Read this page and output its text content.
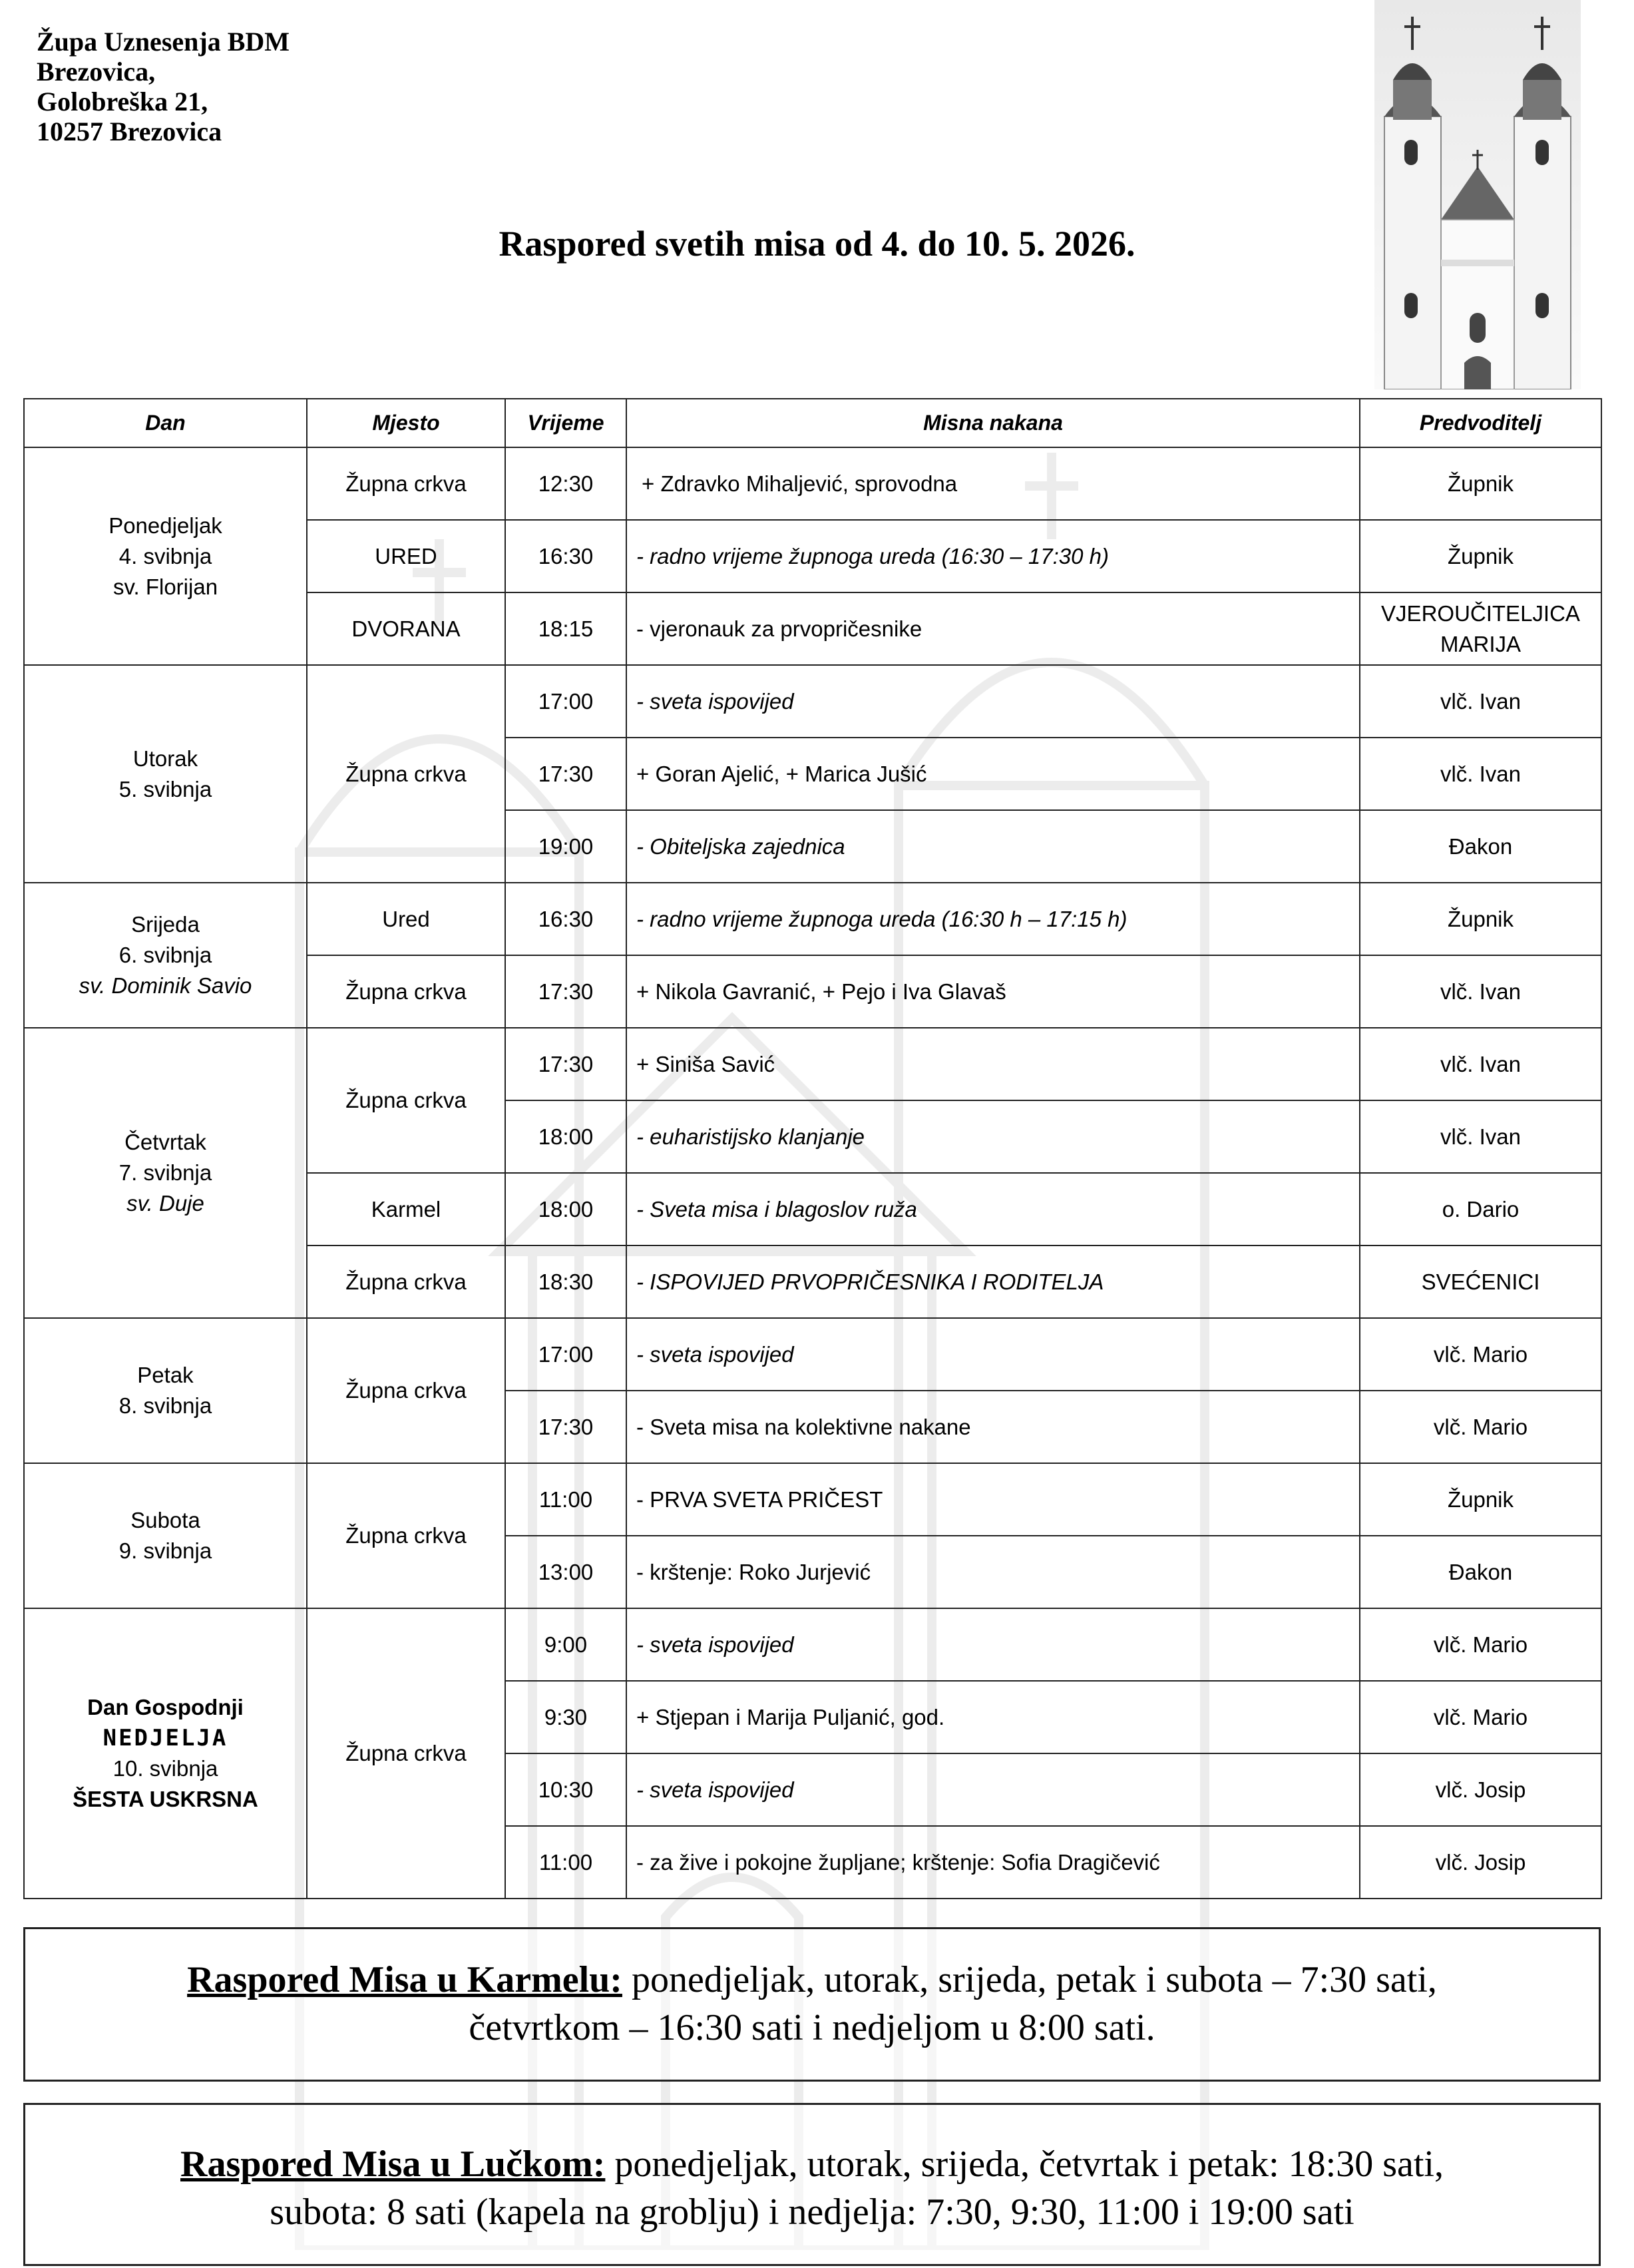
Župa Uznesenja BDM
Brezovica,
Golobreška 21,
10257 Brezovica
Raspored svetih misa od 4. do 10. 5. 2026.
Dan	Mjesto	Vrijeme	Misna nakana	Predvoditelj

Ponedjeljak
4. svibnja
sv. Florijan	Župna crkva	12:30	+ Zdravko Mihaljević, sprovodna	Župnik
	URED	16:30	- radno vrijeme župnoga ureda (16:30 – 17:30 h)	Župnik
	DVORANA	18:15	- vjeronauk za prvopričesnike	VJEROUČITELJICA MARIJA

Utorak
5. svibnja	Župna crkva	17:00	- sveta ispovijed	vlč. Ivan
		17:30	+ Goran Ajelić, + Marica Jušić	vlč. Ivan
		19:00	- Obiteljska zajednica	Đakon

Srijeda
6. svibnja
sv. Dominik Savio	Ured	16:30	- radno vrijeme župnoga ureda (16:30 h – 17:15 h)	Župnik
	Župna crkva	17:30	+ Nikola Gavranić, + Pejo i Iva Glavaš	vlč. Ivan

Četvrtak
7. svibnja
sv. Duje	Župna crkva	17:30	+ Siniša Savić	vlč. Ivan
		18:00	- euharistijsko klanjanje	vlč. Ivan
	Karmel	18:00	- Sveta misa i blagoslov ruža	o. Dario
	Župna crkva	18:30	- ISPOVIJED PRVOPRIČESNIKA I RODITELJA	SVEĆENICI

Petak
8. svibnja	Župna crkva	17:00	- sveta ispovijed	vlč. Mario
		17:30	- Sveta misa na kolektivne nakane	vlč. Mario

Subota
9. svibnja	Župna crkva	11:00	- PRVA SVETA PRIČEST	Župnik
		13:00	- krštenje: Roko Jurjević	Đakon

Dan Gospodnji
NEDJELJA
10. svibnja
ŠESTA USKRSNA	Župna crkva	9:00	- sveta ispovijed	vlč. Mario
		9:30	+ Stjepan i Marija Puljanić, god.	vlč. Mario
		10:30	- sveta ispovijed	vlč. Josip
		11:00	- za žive i pokojne župljane; krštenje: Sofia Dragičević	vlč. Josip
Raspored Misa u Karmelu: ponedjeljak, utorak, srijeda, petak i subota – 7:30 sati,
četvrtkom – 16:30 sati i nedjeljom u 8:00 sati.
Raspored Misa u Lučkom: ponedjeljak, utorak, srijeda, četvrtak i petak: 18:30 sati,
subota: 8 sati (kapela na groblju) i nedjelja: 7:30, 9:30, 11:00 i 19:00 sati
